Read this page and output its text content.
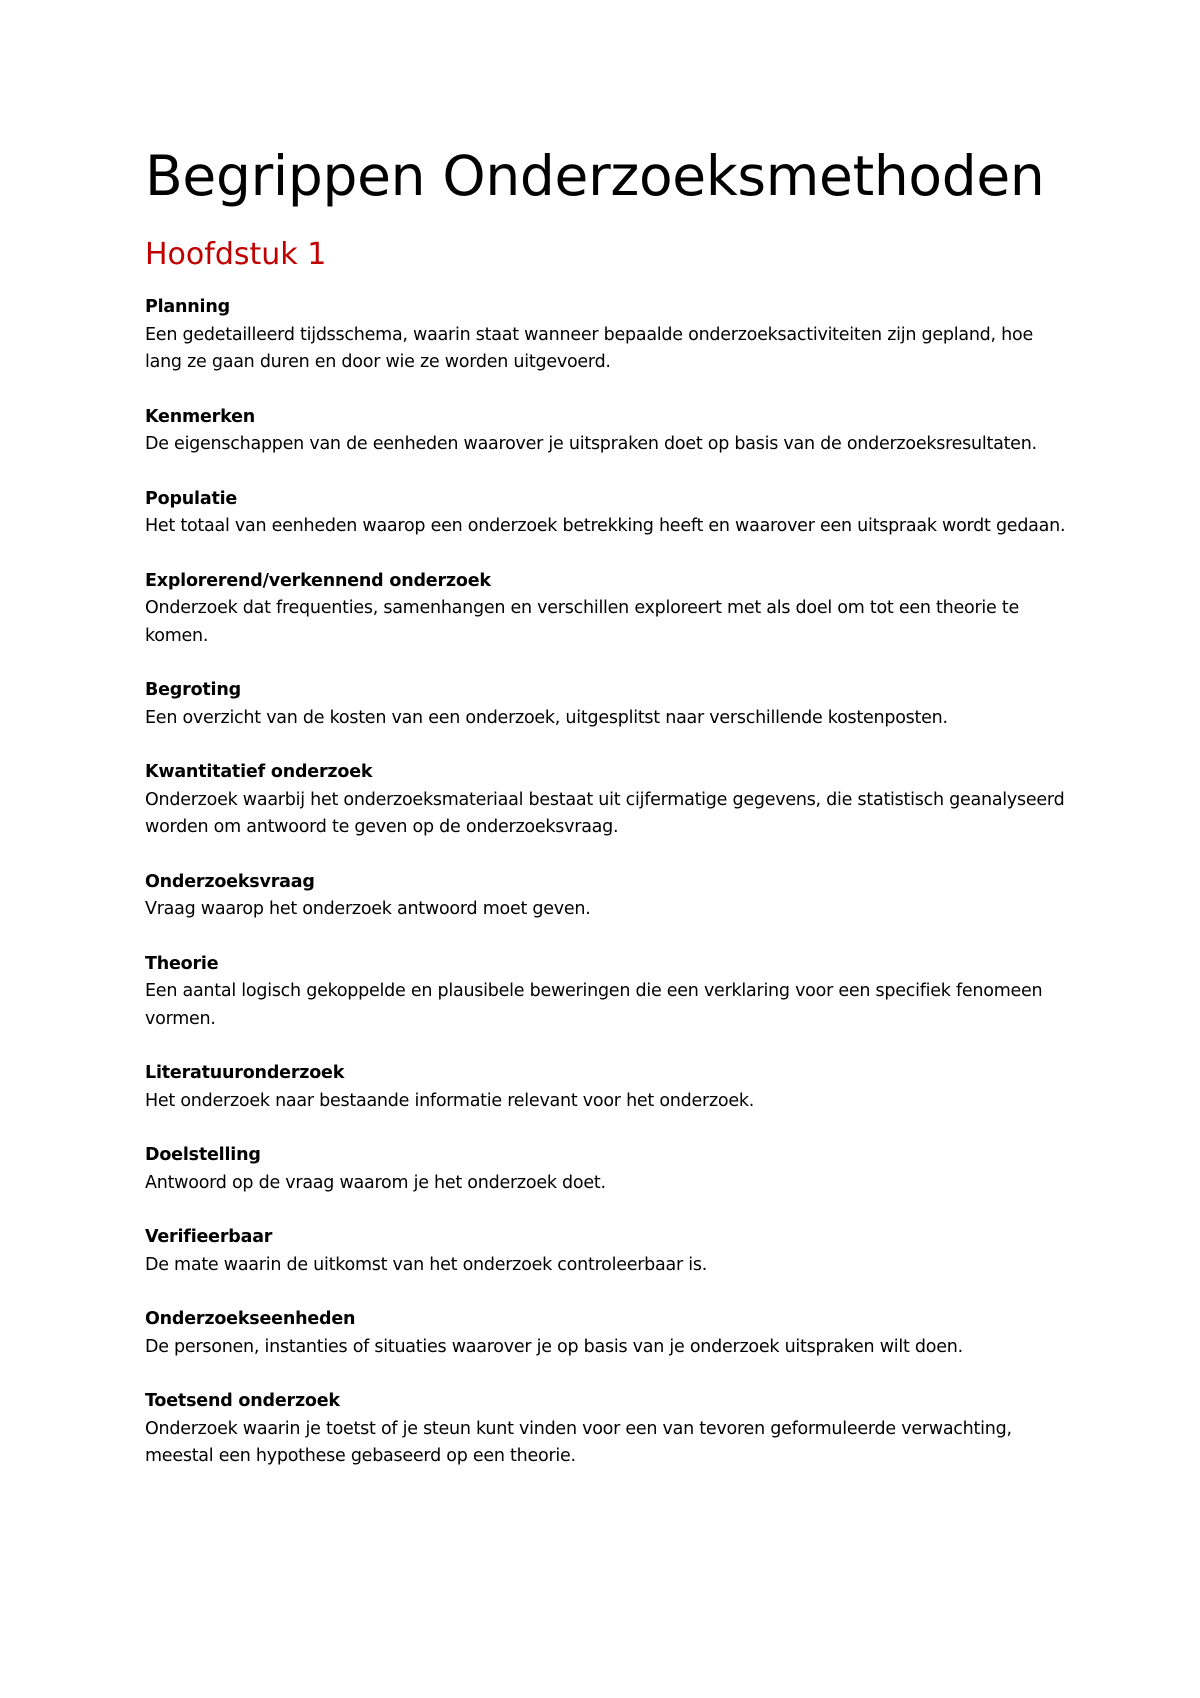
Begrippen Onderzoeksmethoden
Hoofdstuk 1
Planning
Een gedetailleerd tijdsschema, waarin staat wanneer bepaalde onderzoeksactiviteiten zijn gepland, hoe lang ze gaan duren en door wie ze worden uitgevoerd.
Kenmerken
De eigenschappen van de eenheden waarover je uitspraken doet op basis van de onderzoeksresultaten.
Populatie
Het totaal van eenheden waarop een onderzoek betrekking heeft en waarover een uitspraak wordt gedaan.
Explorerend/verkennend onderzoek
Onderzoek dat frequenties, samenhangen en verschillen exploreert met als doel om tot een theorie te komen.
Begroting
Een overzicht van de kosten van een onderzoek, uitgesplitst naar verschillende kostenposten.
Kwantitatief onderzoek
Onderzoek waarbij het onderzoeksmateriaal bestaat uit cijfermatige gegevens, die statistisch geanalyseerd worden om antwoord te geven op de onderzoeksvraag.
Onderzoeksvraag
Vraag waarop het onderzoek antwoord moet geven.
Theorie
Een aantal logisch gekoppelde en plausibele beweringen die een verklaring voor een specifiek fenomeen vormen.
Literatuuronderzoek
Het onderzoek naar bestaande informatie relevant voor het onderzoek.
Doelstelling
Antwoord op de vraag waarom je het onderzoek doet.
Verifieerbaar
De mate waarin de uitkomst van het onderzoek controleerbaar is.
Onderzoekseenheden
De personen, instanties of situaties waarover je op basis van je onderzoek uitspraken wilt doen.
Toetsend onderzoek
Onderzoek waarin je toetst of je steun kunt vinden voor een van tevoren geformuleerde verwachting, meestal een hypothese gebaseerd op een theorie.
